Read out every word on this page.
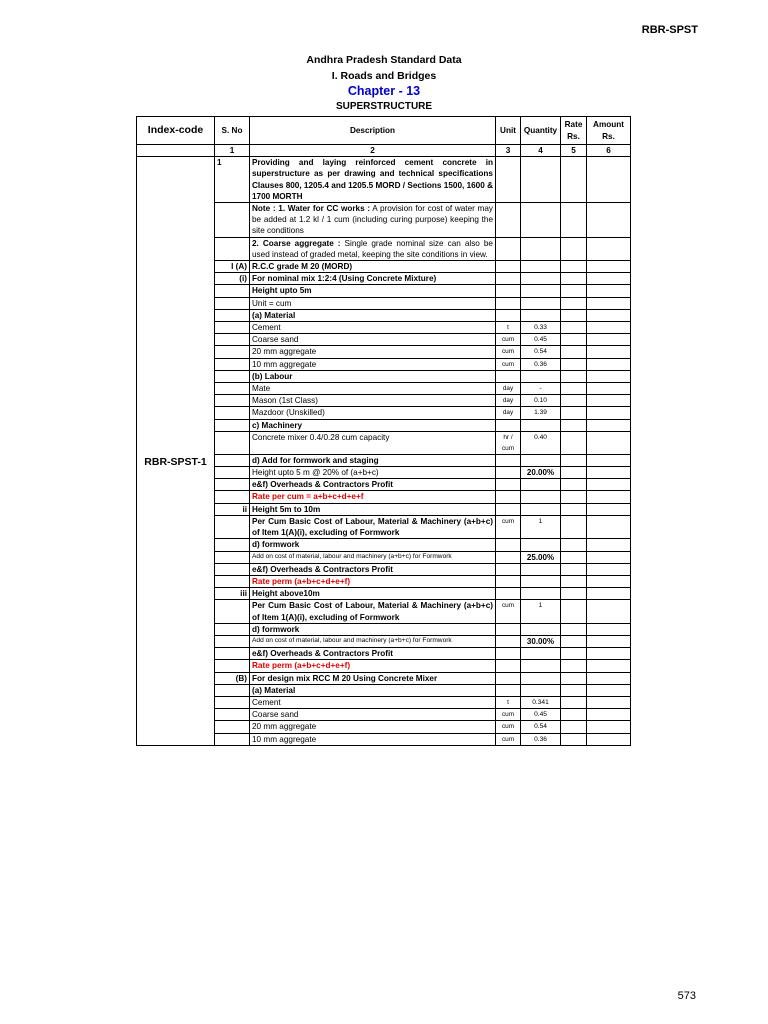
RBR-SPST
Andhra Pradesh Standard Data
I. Roads and Bridges
Chapter - 13
SUPERSTRUCTURE
Index-code	S. No	Description	Unit	Quantity	Rate Rs.	Amount Rs.
	1	2	3	4	5	6
RBR-SPST-1	1	Providing and laying reinforced cement concrete in superstructure as per drawing and technical specifications Clauses 800, 1205.4 and 1205.5 MORD / Sections 1500, 1600 & 1700 MORTH				
		Note : 1. Water for CC works : A provision for cost of water may be added at 1.2 kl / 1 cum (including curing purpose) keeping the site conditions				
		2. Coarse aggregate : Single grade nominal size can also be used instead of graded metal, keeping the site conditions in view.				
	I (A)	R.C.C grade M 20 (MORD)				
	(i)	For nominal mix 1:2:4 (Using Concrete Mixture)				
		Height upto 5m				
		Unit = cum				
		(a) Material				
		Cement	t	0.33		
		Coarse sand	cum	0.45		
		20 mm aggregate	cum	0.54		
		10 mm aggregate	cum	0.36		
		(b) Labour				
		Mate	day	-		
		Mason (1st Class)	day	0.10		
		Mazdoor (Unskilled)	day	1.39		
		c) Machinery				
		Concrete mixer 0.4/0.28 cum capacity	hr / cum	0.40		
		d) Add for formwork and staging				
		Height upto 5 m @ 20% of (a+b+c)		20.00%		
		e&f) Overheads & Contractors Profit				
		Rate per cum = a+b+c+d+e+f				
	ii	Height 5m to 10m				
		Per Cum Basic Cost of Labour, Material & Machinery (a+b+c) of Item 1(A)(i), excluding of Formwork	cum	1		
		d) formwork				
		Add on cost of material, labour and machinery (a+b+c) for Formwork		25.00%		
		e&f) Overheads & Contractors Profit				
		Rate perm (a+b+c+d+e+f)				
	iii	Height above10m				
		Per Cum Basic Cost of Labour, Material & Machinery (a+b+c) of Item 1(A)(i), excluding of Formwork	cum	1		
		d) formwork				
		Add on cost of material, labour and machinery (a+b+c) for Formwork		30.00%		
		e&f) Overheads & Contractors Profit				
		Rate perm (a+b+c+d+e+f)				
	(B)	For design mix RCC M 20 Using Concrete Mixer				
		(a) Material				
		Cement	t	0.341		
		Coarse sand	cum	0.45		
		20 mm aggregate	cum	0.54		
		10 mm aggregate	cum	0.36		
573
